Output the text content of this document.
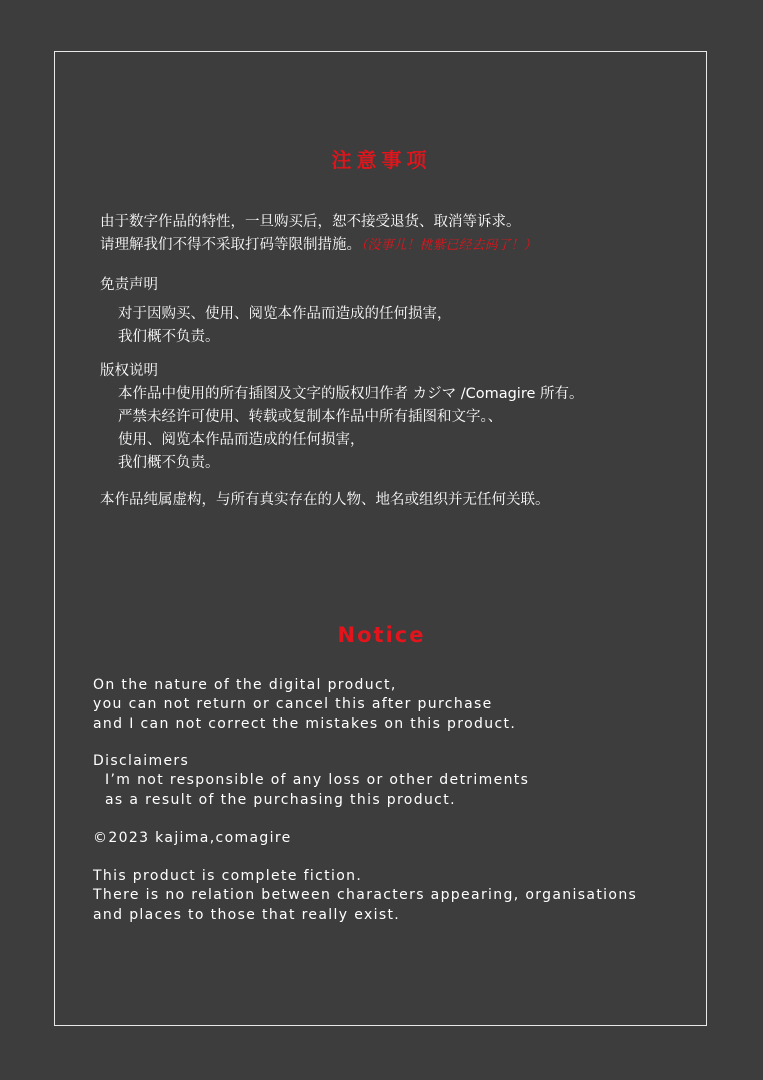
注意事项
由于数字作品的特性，一旦购买后，恕不接受退货、取消等诉求。
请理解我们不得不采取打码等限制措施。（没事儿！桃紫已经去码了！）
免责声明
对于因购买、使用、阅览本作品而造成的任何损害，
我们概不负责。
版权说明
本作品中使用的所有插图及文字的版权归作者 カジマ /Comagire 所有。
严禁未经许可使用、转载或复制本作品中所有插图和文字。、
使用、阅览本作品而造成的任何损害，
我们概不负责。
本作品纯属虚构，与所有真实存在的人物、地名或组织并无任何关联。
Notice
On the nature of the digital product,
you can not return or cancel this after purchase
and I can not correct the mistakes on this product.
Disclaimers
I’m not responsible of any loss or other detriments
as a result of the purchasing this product.
©2023 kajima,comagire
This product is complete fiction.
There is no relation between characters appearing, organisations
and places to those that really exist.
